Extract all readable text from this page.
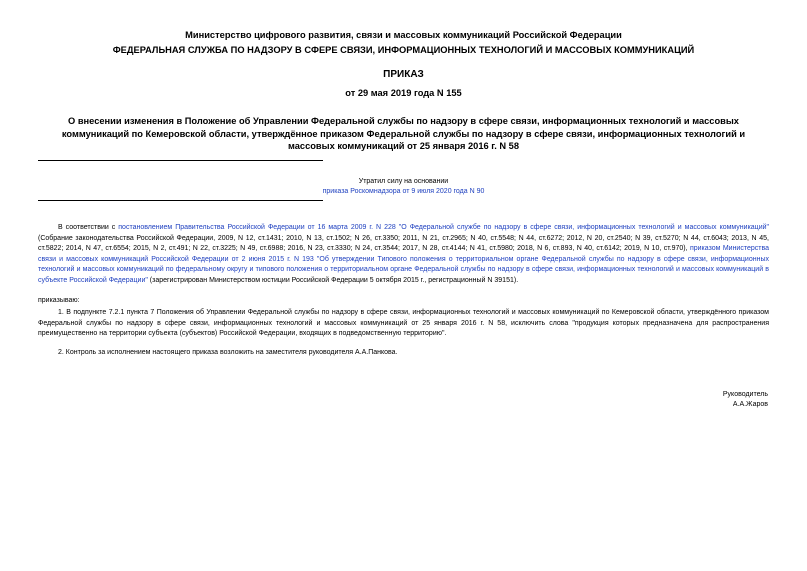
Министерство цифрового развития, связи и массовых коммуникаций Российской Федерации
ФЕДЕРАЛЬНАЯ СЛУЖБА ПО НАДЗОРУ В СФЕРЕ СВЯЗИ, ИНФОРМАЦИОННЫХ ТЕХНОЛОГИЙ И МАССОВЫХ КОММУНИКАЦИЙ
ПРИКАЗ
от 29 мая 2019 года N 155
О внесении изменения в Положение об Управлении Федеральной службы по надзору в сфере связи, информационных технологий и массовых коммуникаций по Кемеровской области, утверждённое приказом Федеральной службы по надзору в сфере связи, информационных технологий и массовых коммуникаций от 25 января 2016 г. N 58
Утратил силу на основании
приказа Роскомнадзора от 9 июля 2020 года N 90
В соответствии с постановлением Правительства Российской Федерации от 16 марта 2009 г. N 228 "О Федеральной службе по надзору в сфере связи, информационных технологий и массовых коммуникаций" (Собрание законодательства Российской Федерации, 2009, N 12, ст.1431; 2010, N 13, ст.1502; N 26, ст.3350; 2011, N 21, ст.2965; N 40, ст.5548; N 44, ст.6272; 2012, N 20, ст.2540; N 39, ст.5270; N 44, ст.6043; 2013, N 45, ст.5822; 2014, N 47, ст.6554; 2015, N 2, ст.491; N 22, ст.3225; N 49, ст.6988; 2016, N 23, ст.3330; N 24, ст.3544; 2017, N 28, ст.4144; N 41, ст.5980; 2018, N 6, ст.893, N 40, ст.6142; 2019, N 10, ст.970), приказом Министерства связи и массовых коммуникаций Российской Федерации от 2 июня 2015 г. N 193 "Об утверждении Типового положения о территориальном органе Федеральной службы по надзору в сфере связи, информационных технологий и массовых коммуникаций по федеральному округу и типового положения о территориальном органе Федеральной службы по надзору в сфере связи, информационных технологий и массовых коммуникаций в субъекте Российской Федерации" (зарегистрирован Министерством юстиции Российской Федерации 5 октября 2015 г., регистрационный N 39151).
приказываю:
1. В подпункте 7.2.1 пункта 7 Положения об Управлении Федеральной службы по надзору в сфере связи, информационных технологий и массовых коммуникаций по Кемеровской области, утверждённого приказом Федеральной службы по надзору в сфере связи, информационных технологий и массовых коммуникаций от 25 января 2016 г. N 58, исключить слова "продукция которых предназначена для распространения преимущественно на территории субъекта (субъектов) Российской Федерации, входящих в подведомственную территорию".
2. Контроль за исполнением настоящего приказа возложить на заместителя руководителя А.А.Панкова.
Руководитель
А.А.Жаров
